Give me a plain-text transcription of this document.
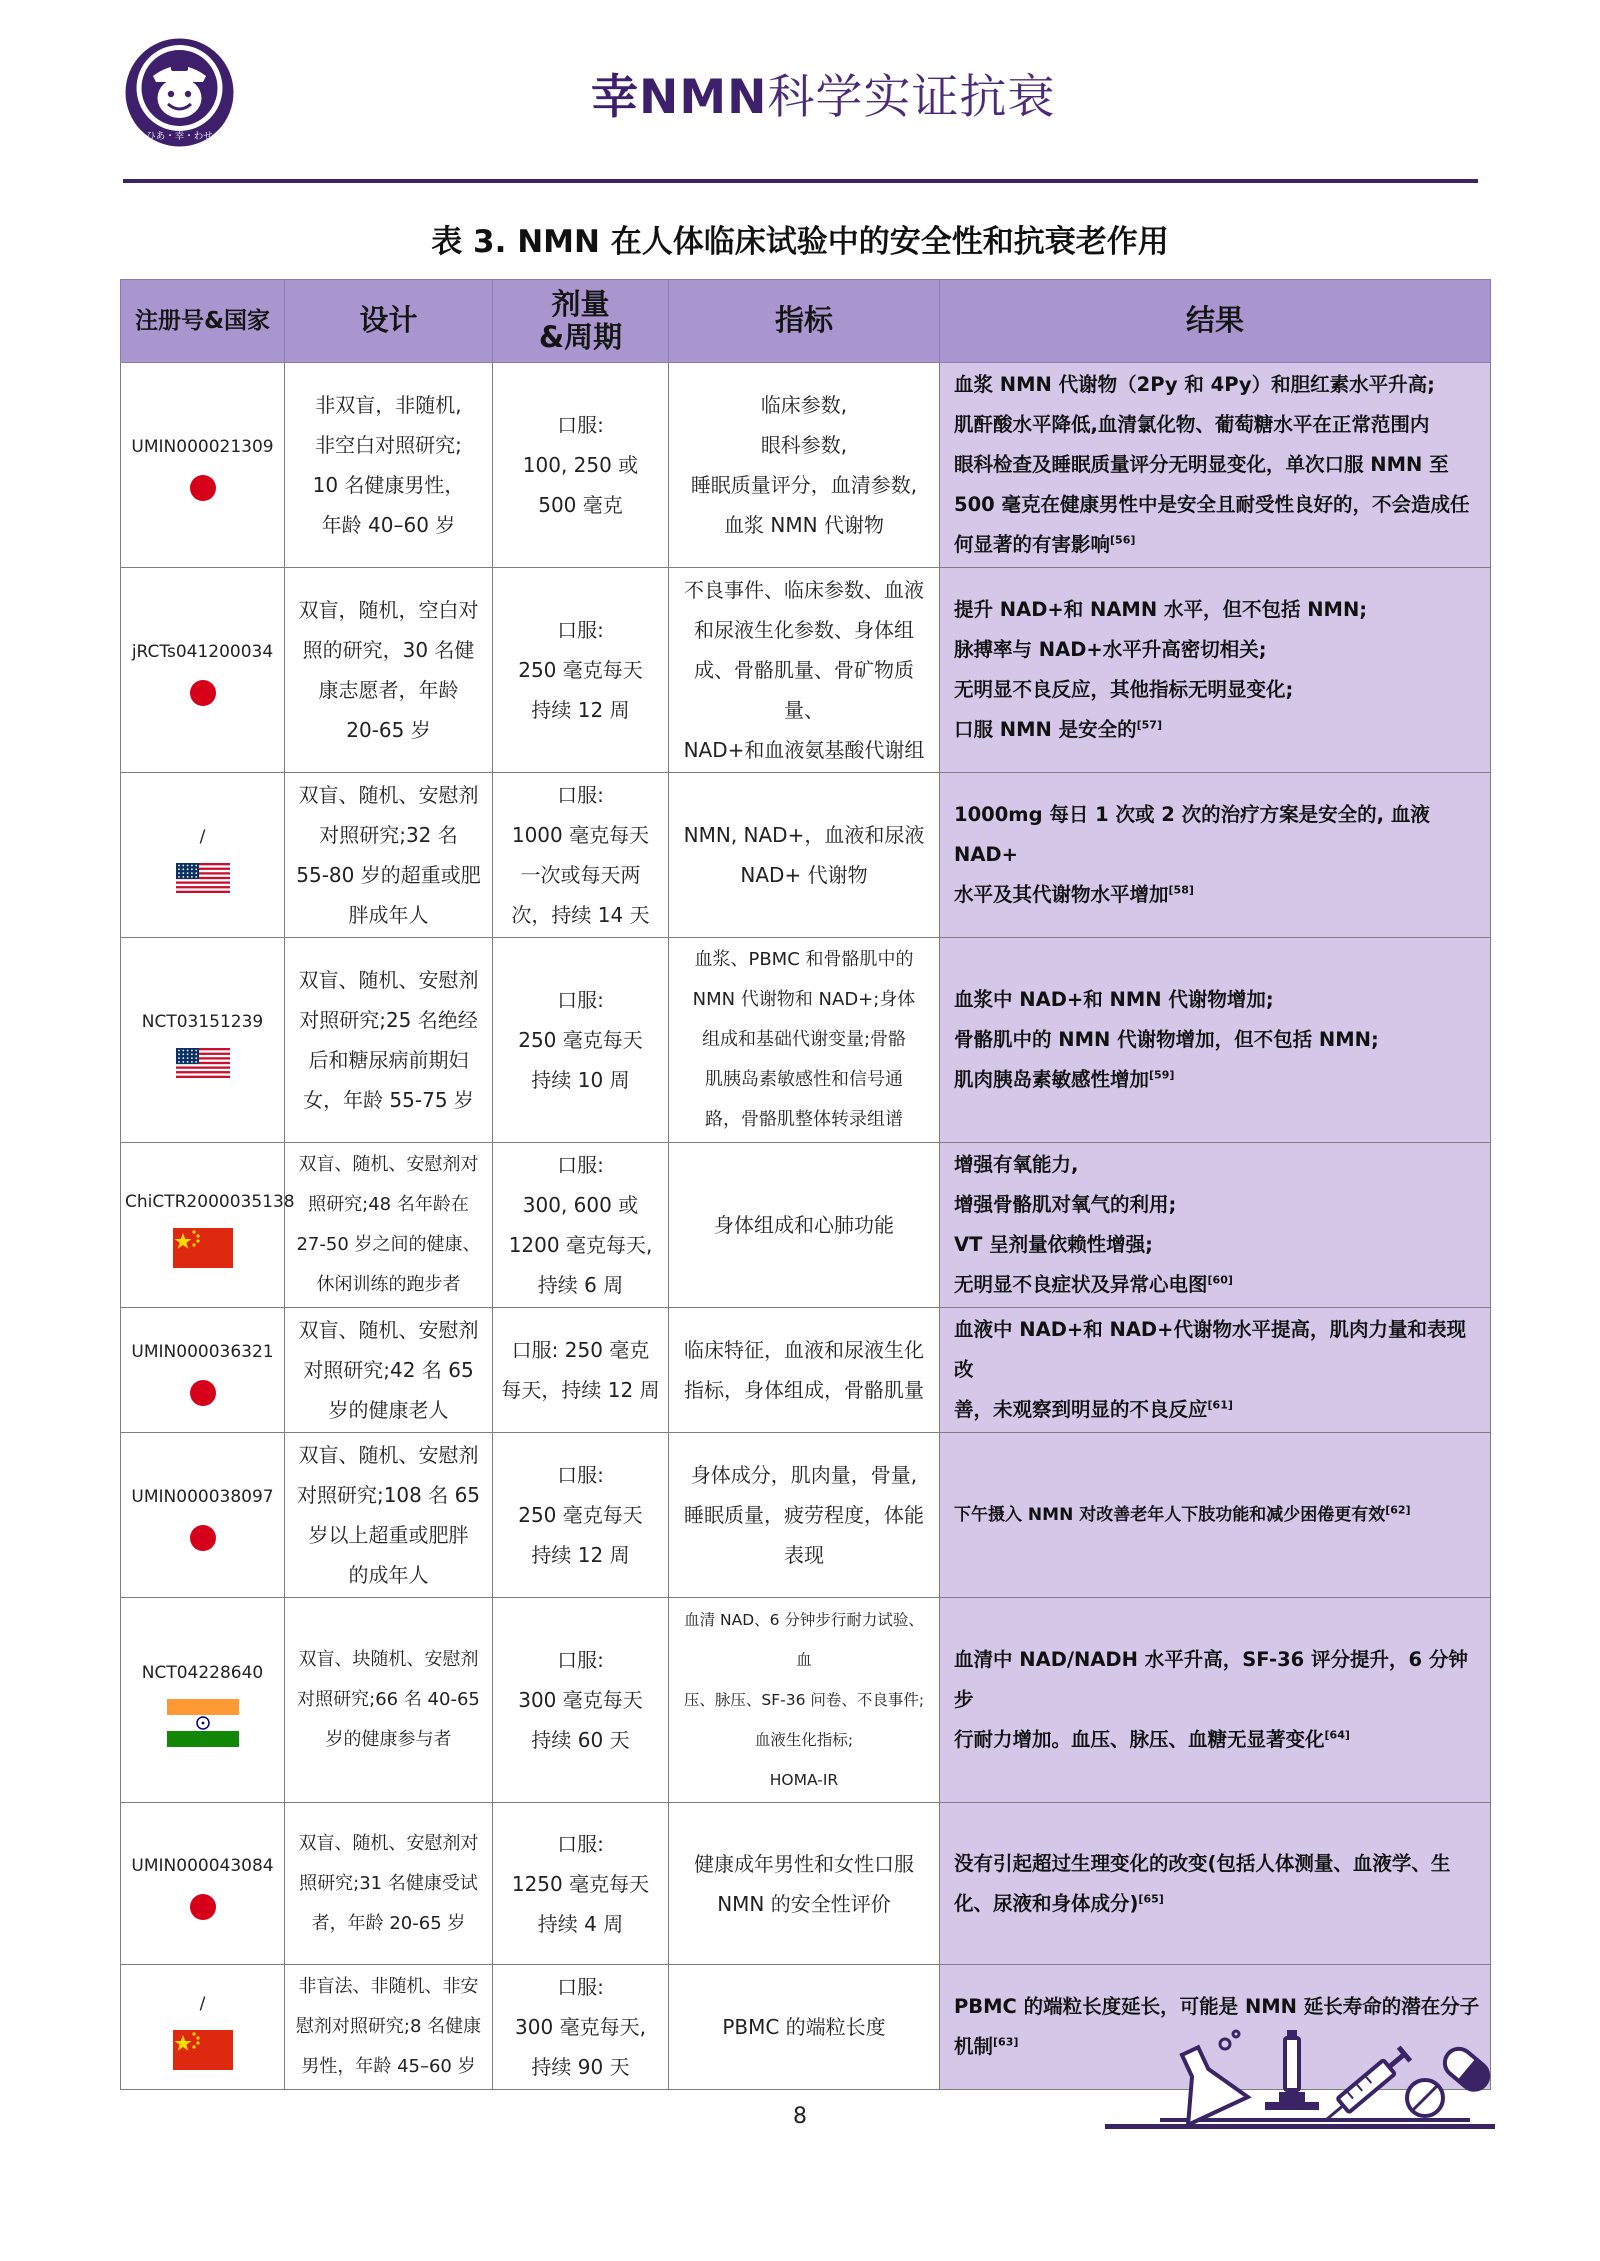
ひあ・幸・わせ
幸NMN科学实证抗衰
表 3. NMN 在人体临床试验中的安全性和抗衰老作用
注册号&国家	设计	剂量
&周期	指标	结果

UMIN000021309	非双盲，非随机,
非空白对照研究;
10 名健康男性，
年龄 40–60 岁	口服:
100, 250 或
500 毫克	临床参数,
眼科参数,
睡眠质量评分，血清参数,
血浆 NMN 代谢物	血浆 NMN 代谢物（2Py 和 4Py）和胆红素水平升高;
肌酐酸水平降低,血清氯化物、葡萄糖水平在正常范围内
眼科检查及睡眠质量评分无明显变化，单次口服 NMN 至
500 毫克在健康男性中是安全且耐受性良好的，不会造成任
何显著的有害影响[56]

jRCTs041200034	双盲，随机，空白对
照的研究，30 名健
康志愿者，年龄
20-65 岁	口服:
250 毫克每天
持续 12 周	不良事件、临床参数、血液
和尿液生化参数、身体组
成、骨骼肌量、骨矿物质量、
NAD+和血液氨基酸代谢组	提升 NAD+和 NAMN 水平，但不包括 NMN;
脉搏率与 NAD+水平升高密切相关;
无明显不良反应，其他指标无明显变化;
口服 NMN 是安全的[57]

/	双盲、随机、安慰剂
对照研究;32 名
55-80 岁的超重或肥
胖成年人	口服:
1000 毫克每天
一次或每天两
次，持续 14 天	NMN, NAD+，血液和尿液
NAD+ 代谢物	1000mg 每日 1 次或 2 次的治疗方案是安全的, 血液 NAD+
水平及其代谢物水平增加[58]

NCT03151239	双盲、随机、安慰剂
对照研究;25 名绝经
后和糖尿病前期妇
女，年龄 55-75 岁	口服:
250 毫克每天
持续 10 周	血浆、PBMC 和骨骼肌中的
NMN 代谢物和 NAD+;身体
组成和基础代谢变量;骨骼
肌胰岛素敏感性和信号通
路，骨骼肌整体转录组谱	血浆中 NAD+和 NMN 代谢物增加;
骨骼肌中的 NMN 代谢物增加，但不包括 NMN;
肌肉胰岛素敏感性增加[59]

ChiCTR2000035138	双盲、随机、安慰剂对
照研究;48 名年龄在
27-50 岁之间的健康、
休闲训练的跑步者	口服:
300, 600 或
1200 毫克每天,
持续 6 周	身体组成和心肺功能	增强有氧能力,
增强骨骼肌对氧气的利用;
VT 呈剂量依赖性增强;
无明显不良症状及异常心电图[60]

UMIN000036321	双盲、随机、安慰剂
对照研究;42 名 65
岁的健康老人	口服: 250 毫克
每天，持续 12 周	临床特征，血液和尿液生化
指标，身体组成，骨骼肌量	血液中 NAD+和 NAD+代谢物水平提高，肌肉力量和表现改
善，未观察到明显的不良反应[61]

UMIN000038097	双盲、随机、安慰剂
对照研究;108 名 65
岁以上超重或肥胖
的成年人	口服:
250 毫克每天
持续 12 周	身体成分，肌肉量，骨量,
睡眠质量，疲劳程度，体能
表现	下午摄入 NMN 对改善老年人下肢功能和减少困倦更有效[62]

NCT04228640	双盲、块随机、安慰剂
对照研究;66 名 40-65
岁的健康参与者	口服:
300 毫克每天
持续 60 天	血清 NAD、6 分钟步行耐力试验、血
压、脉压、SF-36 问卷、不良事件;
血液生化指标;
HOMA-IR	血清中 NAD/NADH 水平升高，SF-36 评分提升，6 分钟步
行耐力增加。血压、脉压、血糖无显著变化[64]

UMIN000043084	双盲、随机、安慰剂对
照研究;31 名健康受试
者，年龄 20-65 岁	口服:
1250 毫克每天
持续 4 周	健康成年男性和女性口服
NMN 的安全性评价	没有引起超过生理变化的改变(包括人体测量、血液学、生
化、尿液和身体成分)[65]

/	非盲法、非随机、非安
慰剂对照研究;8 名健康
男性，年龄 45–60 岁	口服:
300 毫克每天,
持续 90 天	PBMC 的端粒长度	PBMC 的端粒长度延长，可能是 NMN 延长寿命的潜在分子
机制[63]
8
